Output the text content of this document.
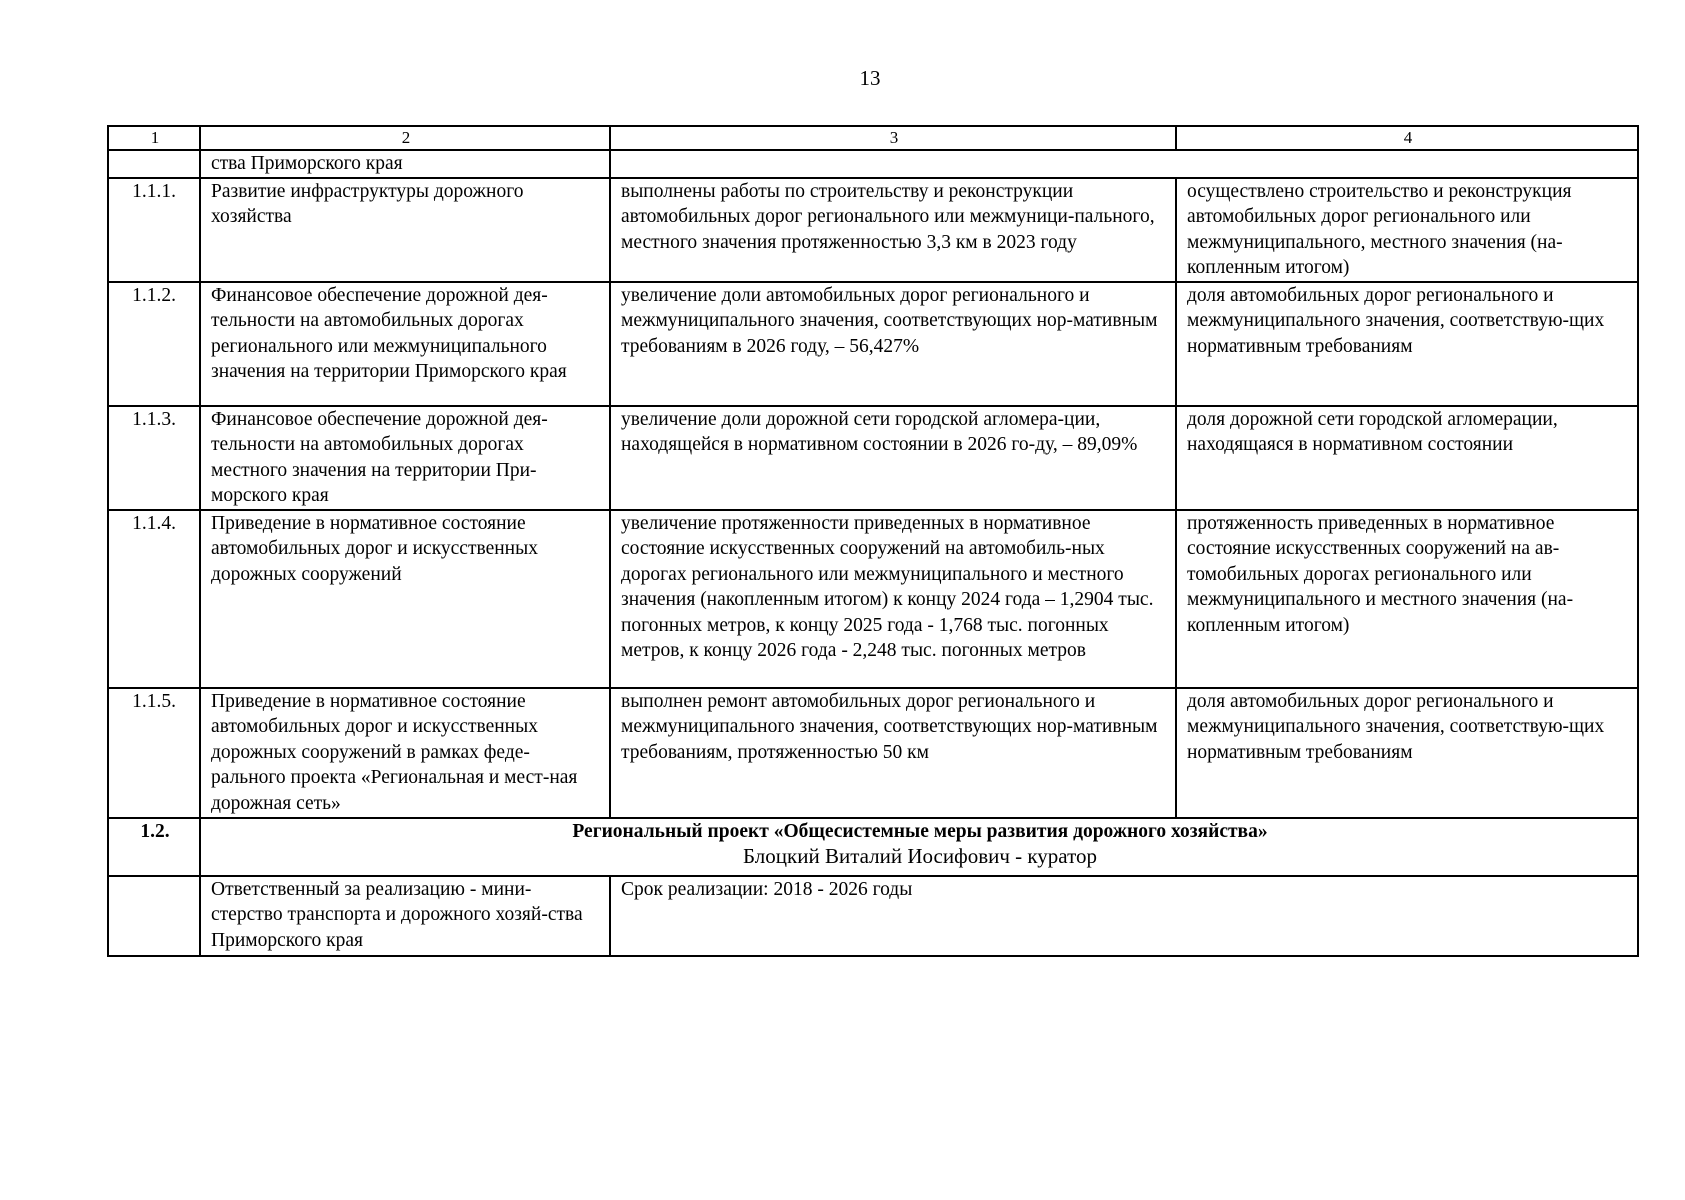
13
1	2	3	4
	ства Приморского края		
1.1.1.	Развитие инфраструктуры дорожного хозяйства	выполнены работы по строительству и реконструкции автомобильных дорог регионального или межмуници-пального, местного значения протяженностью 3,3 км в 2023 году	осуществлено строительство и реконструкция автомобильных дорог регионального или межмуниципального, местного значения (на-копленным итогом)
1.1.2.	Финансовое обеспечение дорожной дея-тельности на автомобильных дорогах регионального или межмуниципального значения на территории Приморского края	увеличение доли автомобильных дорог регионального и межмуниципального значения, соответствующих нор-мативным требованиям в 2026 году, – 56,427%	доля автомобильных дорог регионального и межмуниципального значения, соответствую-щих нормативным требованиям
1.1.3.	Финансовое обеспечение дорожной дея-тельности на автомобильных дорогах местного значения на территории При-морского края	увеличение доли дорожной сети городской агломера-ции, находящейся в нормативном состоянии в 2026 го-ду, – 89,09%	доля дорожной сети городской агломерации, находящаяся в нормативном состоянии
1.1.4.	Приведение в нормативное состояние автомобильных дорог и искусственных дорожных сооружений	увеличение протяженности приведенных в нормативное состояние искусственных сооружений на автомобиль-ных дорогах регионального или межмуниципального и местного значения (накопленным итогом) к концу 2024 года – 1,2904 тыс. погонных метров, к концу 2025 года - 1,768 тыс. погонных метров, к концу 2026 года - 2,248 тыс. погонных метров	протяженность приведенных в нормативное состояние искусственных сооружений на ав-томобильных дорогах регионального или межмуниципального и местного значения (на-копленным итогом)
1.1.5.	Приведение в нормативное состояние автомобильных дорог и искусственных дорожных сооружений в рамках феде-рального проекта «Региональная и мест-ная дорожная сеть»	выполнен ремонт автомобильных дорог регионального и межмуниципального значения, соответствующих нор-мативным требованиям, протяженностью 50 км	доля автомобильных дорог регионального и межмуниципального значения, соответствую-щих нормативным требованиям
1.2.	Региональный проект «Общесистемные меры развития дорожного хозяйства»
Блоцкий Виталий Иосифович - куратор		

	Ответственный за реализацию - мини-стерство транспорта и дорожного хозяй-ства Приморского края	Срок реализации: 2018 - 2026 годы	
